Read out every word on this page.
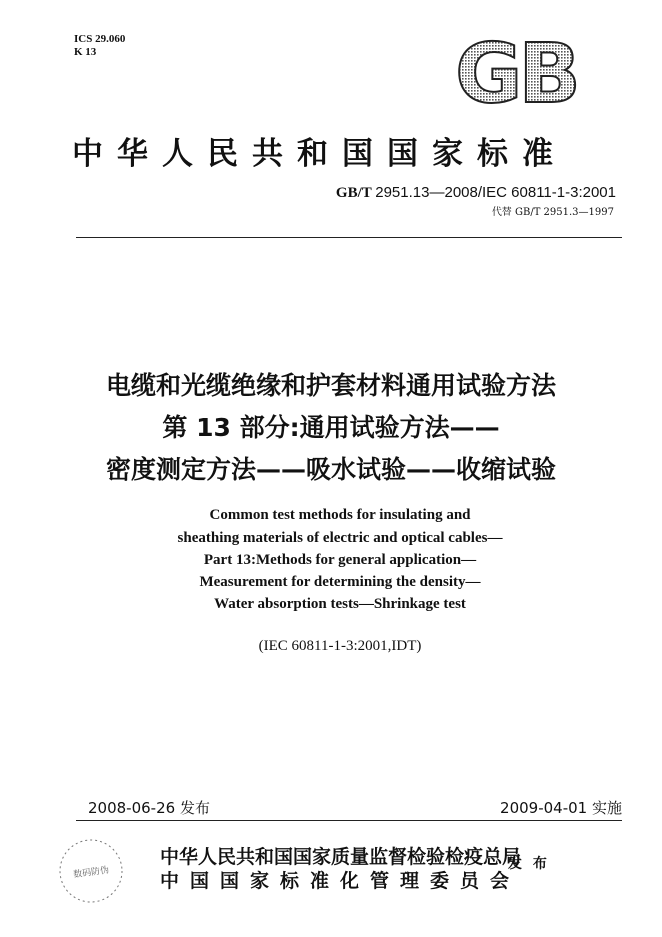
ICS 29.060
K 13	GB
中华人民共和国国家标准
GB/T 2951.13—2008/IEC 60811-1-3:2001
代替 GB/T 2951.3—1997
电缆和光缆绝缘和护套材料通用试验方法
第 13 部分:通用试验方法——
密度测定方法——吸水试验——收缩试验
Common test methods for insulating and
sheathing materials of electric and optical cables—
Part 13:Methods for general application—
Measurement for determining the density—
Water absorption tests—Shrinkage test
(IEC 60811-1-3:2001,IDT)
2008-06-26 发布	2009-04-01 实施
数码防伪
中华人民共和国国家质量监督检验检疫总局
中国国家标准化管理委员会
发 布
